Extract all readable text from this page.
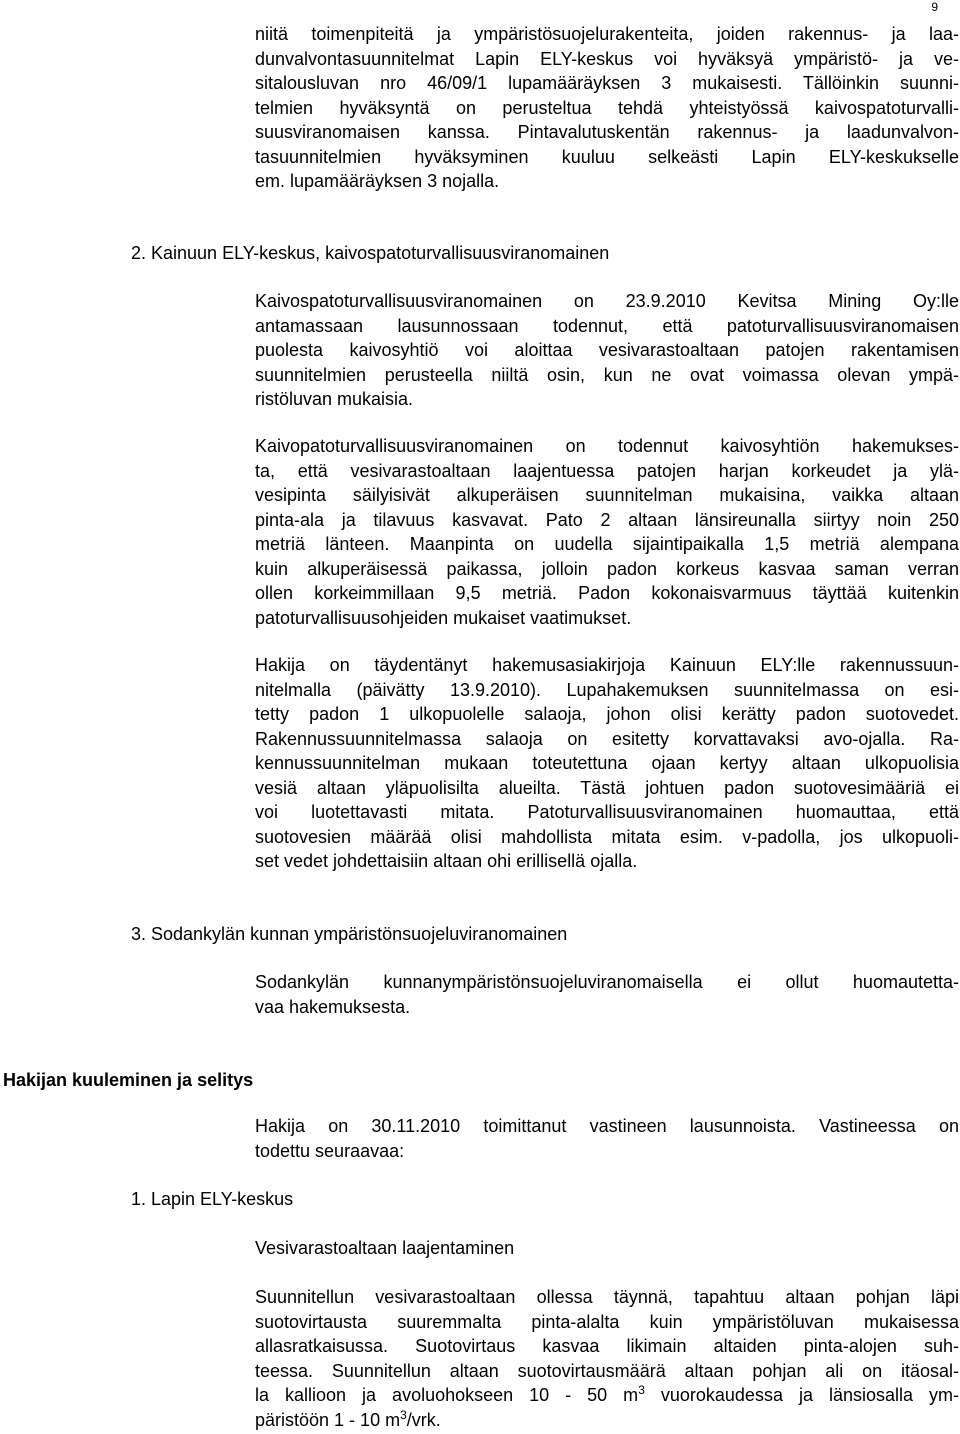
9
niitä toimenpiteitä ja ympäristösuojelurakenteita, joiden rakennus- ja laa-
dunvalvontasuunnitelmat Lapin ELY-keskus voi hyväksyä ympäristö- ja ve-
sitalousluvan nro 46/09/1 lupamääräyksen 3 mukaisesti. Tällöinkin suunni-
telmien hyväksyntä on perusteltua tehdä yhteistyössä kaivospatoturvalli-
suusviranomaisen kanssa. Pintavalutuskentän rakennus- ja laadunvalvon-
tasuunnitelmien hyväksyminen kuuluu selkeästi Lapin ELY-keskukselle
em. lupamääräyksen 3 nojalla.
2. Kainuun ELY-keskus, kaivospatoturvallisuusviranomainen
Kaivospatoturvallisuusviranomainen on 23.9.2010 Kevitsa Mining Oy:lle
antamassaan lausunnossaan todennut, että patoturvallisuusviranomaisen
puolesta kaivosyhtiö voi aloittaa vesivarastoaltaan patojen rakentamisen
suunnitelmien perusteella niiltä osin, kun ne ovat voimassa olevan ympä-
ristöluvan mukaisia.
Kaivopatoturvallisuusviranomainen on todennut kaivosyhtiön hakemukses-
ta, että vesivarastoaltaan laajentuessa patojen harjan korkeudet ja ylä-
vesipinta säilyisivät alkuperäisen suunnitelman mukaisina, vaikka altaan
pinta-ala ja tilavuus kasvavat. Pato 2 altaan länsireunalla siirtyy noin 250
metriä länteen. Maanpinta on uudella sijaintipaikalla 1,5 metriä alempana
kuin alkuperäisessä paikassa, jolloin padon korkeus kasvaa saman verran
ollen korkeimmillaan 9,5 metriä. Padon kokonaisvarmuus täyttää kuitenkin
patoturvallisuusohjeiden mukaiset vaatimukset.
Hakija on täydentänyt hakemusasiakirjoja Kainuun ELY:lle rakennussuun-
nitelmalla (päivätty 13.9.2010). Lupahakemuksen suunnitelmassa on esi-
tetty padon 1 ulkopuolelle salaoja, johon olisi kerätty padon suotovedet.
Rakennussuunnitelmassa salaoja on esitetty korvattavaksi avo-ojalla. Ra-
kennussuunnitelman mukaan toteutettuna ojaan kertyy altaan ulkopuolisia
vesiä altaan yläpuolisilta alueilta. Tästä johtuen padon suotovesimääriä ei
voi luotettavasti mitata. Patoturvallisuusviranomainen huomauttaa, että
suotovesien määrää olisi mahdollista mitata esim. v-padolla, jos ulkopuoli-
set vedet johdettaisiin altaan ohi erillisellä ojalla.
3. Sodankylän kunnan ympäristönsuojeluviranomainen
Sodankylän kunnanympäristönsuojeluviranomaisella ei ollut huomautetta-
vaa hakemuksesta.
Hakijan kuuleminen ja selitys
Hakija on 30.11.2010 toimittanut vastineen lausunnoista. Vastineessa on
todettu seuraavaa:
1. Lapin ELY-keskus
Vesivarastoaltaan laajentaminen
Suunnitellun vesivarastoaltaan ollessa täynnä, tapahtuu altaan pohjan läpi
suotovirtausta suuremmalta pinta-alalta kuin ympäristöluvan mukaisessa
allasratkaisussa. Suotovirtaus kasvaa likimain altaiden pinta-alojen suh-
teessa. Suunnitellun altaan suotovirtausmäärä altaan pohjan ali on itäosal-
la kallioon ja avoluohokseen 10 - 50 $m^3$ vuorokaudessa ja länsiosalla ym-
päristöön 1 - 10 $m^3$/vrk.
